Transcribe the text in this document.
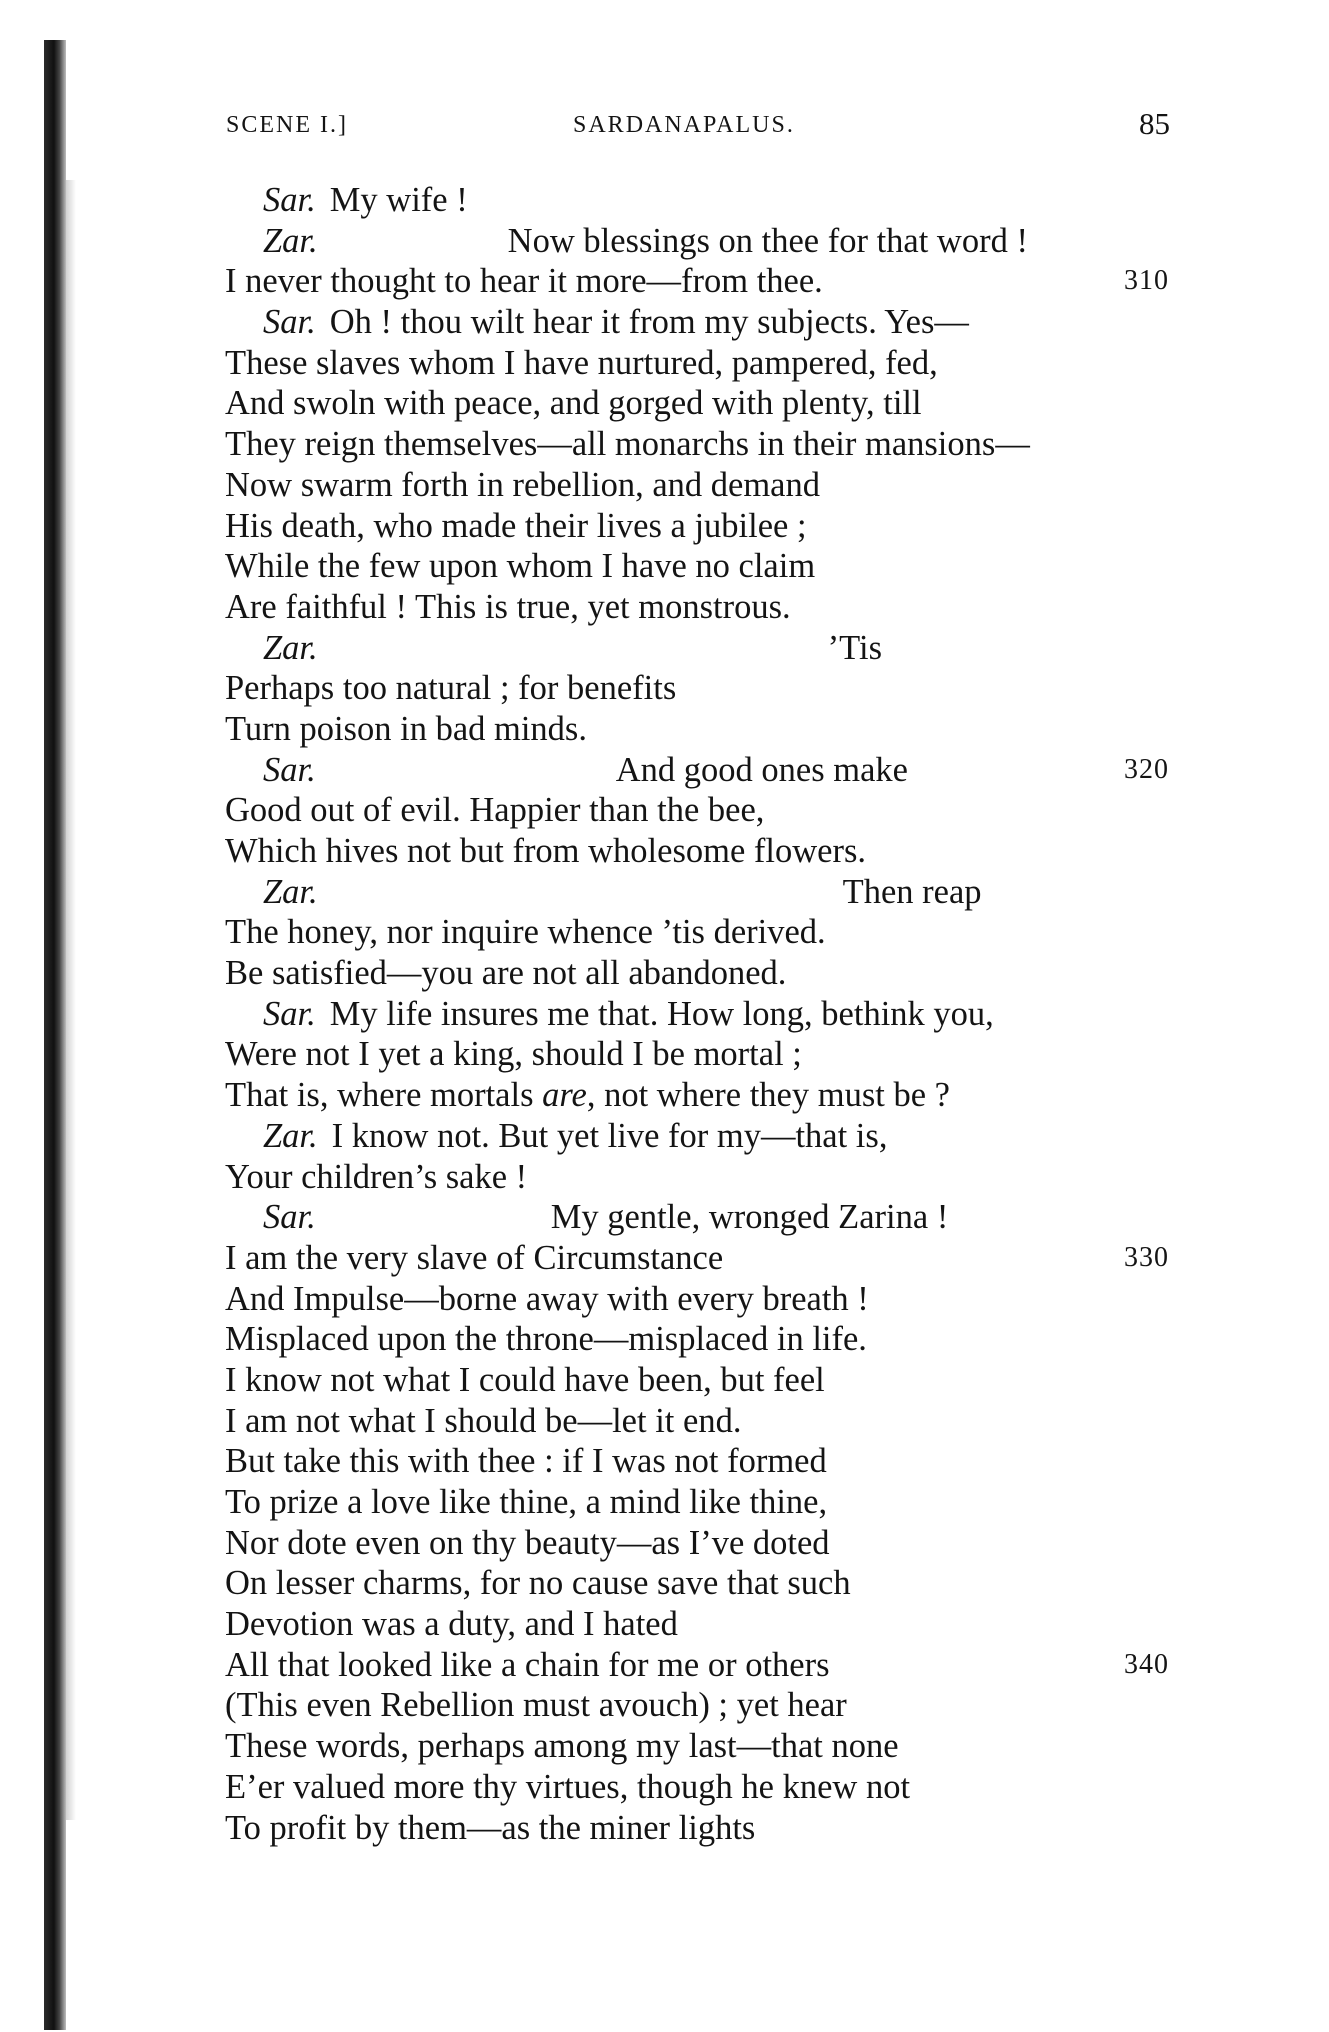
SCENE I.]	SARDANAPALUS.	85
Sar. My wife !
Zar.	Now blessings on thee for that word !
I never thought to hear it more—from thee.	310
Sar. Oh ! thou wilt hear it from my subjects. Yes—
These slaves whom I have nurtured, pampered, fed,
And swoln with peace, and gorged with plenty, till
They reign themselves—all monarchs in their mansions—
Now swarm forth in rebellion, and demand
His death, who made their lives a jubilee ;
While the few upon whom I have no claim
Are faithful ! This is true, yet monstrous.
Zar.	’Tis
Perhaps too natural ; for benefits
Turn poison in bad minds.
Sar.	And good ones make	320
Good out of evil. Happier than the bee,
Which hives not but from wholesome flowers.
Zar.	Then reap
The honey, nor inquire whence ’tis derived.
Be satisfied—you are not all abandoned.
Sar. My life insures me that. How long, bethink you,
Were not I yet a king, should I be mortal ;
That is, where mortals are, not where they must be ?
Zar. I know not. But yet live for my—that is,
Your children’s sake !
Sar.	My gentle, wronged Zarina !
I am the very slave of Circumstance	330
And Impulse—borne away with every breath !
Misplaced upon the throne—misplaced in life.
I know not what I could have been, but feel
I am not what I should be—let it end.
But take this with thee : if I was not formed
To prize a love like thine, a mind like thine,
Nor dote even on thy beauty—as I’ve doted
On lesser charms, for no cause save that such
Devotion was a duty, and I hated
All that looked like a chain for me or others	340
(This even Rebellion must avouch) ; yet hear
These words, perhaps among my last—that none
E’er valued more thy virtues, though he knew not
To profit by them—as the miner lights
